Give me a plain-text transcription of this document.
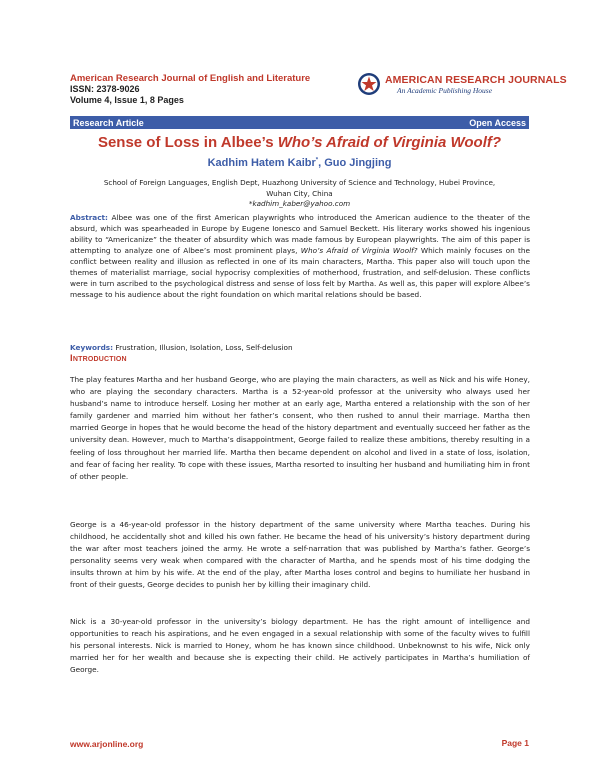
American Research Journal of English and Literature
ISSN: 2378-9026
Volume 4, Issue 1, 8 Pages
AMERICAN RESEARCH JOURNALS
An Academic Publishing House
Research Article	Open Access
Sense of Loss in Albee’s Who’s Afraid of Virginia Woolf?
Kadhim Hatem Kaibr*, Guo Jingjing
School of Foreign Languages, English Dept, Huazhong University of Science and Technology, Hubei Province,
Wuhan City, China
*kadhim_kaber@yahoo.com
Abstract: Albee was one of the first American playwrights who introduced the American audience to the theater of the absurd, which was spearheaded in Europe by Eugene Ionesco and Samuel Beckett. His literary works showed his ingenious ability to “Americanize” the theater of absurdity which was made famous by European playwrights. The aim of this paper is attempting to analyze one of Albee’s most prominent plays, Who’s Afraid of Virginia Woolf? Which mainly focuses on the conflict between reality and illusion as reflected in one of its main characters, Martha. This paper also will touch upon the themes of materialist marriage, social hypocrisy complexities of motherhood, frustration, and self-delusion. These conflicts were in turn ascribed to the psychological distress and sense of loss felt by Martha. As well as, this paper will explore Albee’s message to his audience about the right foundation on which marital relations should be based.
Keywords: Frustration, Illusion, Isolation, Loss, Self-delusion
Introduction

The play features Martha and her husband George, who are playing the main characters, as well as Nick and his wife Honey, who are playing the secondary characters. Martha is a 52-year-old professor at the university who always used her husband’s name to introduce herself. Losing her mother at an early age, Martha entered a relationship with the son of her family gardener and married him without her father’s consent, who then rushed to annul their marriage. Martha then married George in hopes that he would become the head of the history department and eventually succeed her father as the university dean. However, much to Martha’s disappointment, George failed to realize these ambitions, thereby resulting in a feeling of loss throughout her married life. Martha then became dependent on alcohol and lived in a state of loss, isolation, and fear of facing her reality. To cope with these issues, Martha resorted to insulting her husband and humiliating him in front of other people.

George is a 46-year-old professor in the history department of the same university where Martha teaches. During his childhood, he accidentally shot and killed his own father. He became the head of his university’s history department during the war after most teachers joined the army. He wrote a self-narration that was published by Martha’s father. George’s personality seems very weak when compared with the character of Martha, and he spends most of his time dodging the insults thrown at him by his wife. At the end of the play, after Martha loses control and begins to humiliate her husband in front of their guests, George decides to punish her by killing their imaginary child.

Nick is a 30-year-old professor in the university’s biology department. He has the right amount of intelligence and opportunities to reach his aspirations, and he even engaged in a sexual relationship with some of the faculty wives to fulfill his personal interests. Nick is married to Honey, whom he has known since childhood. Unbeknownst to his wife, Nick only married her for her wealth and because she is expecting their child. He actively participates in Martha’s humiliation of George.

www.arjonline.org	Page 1
